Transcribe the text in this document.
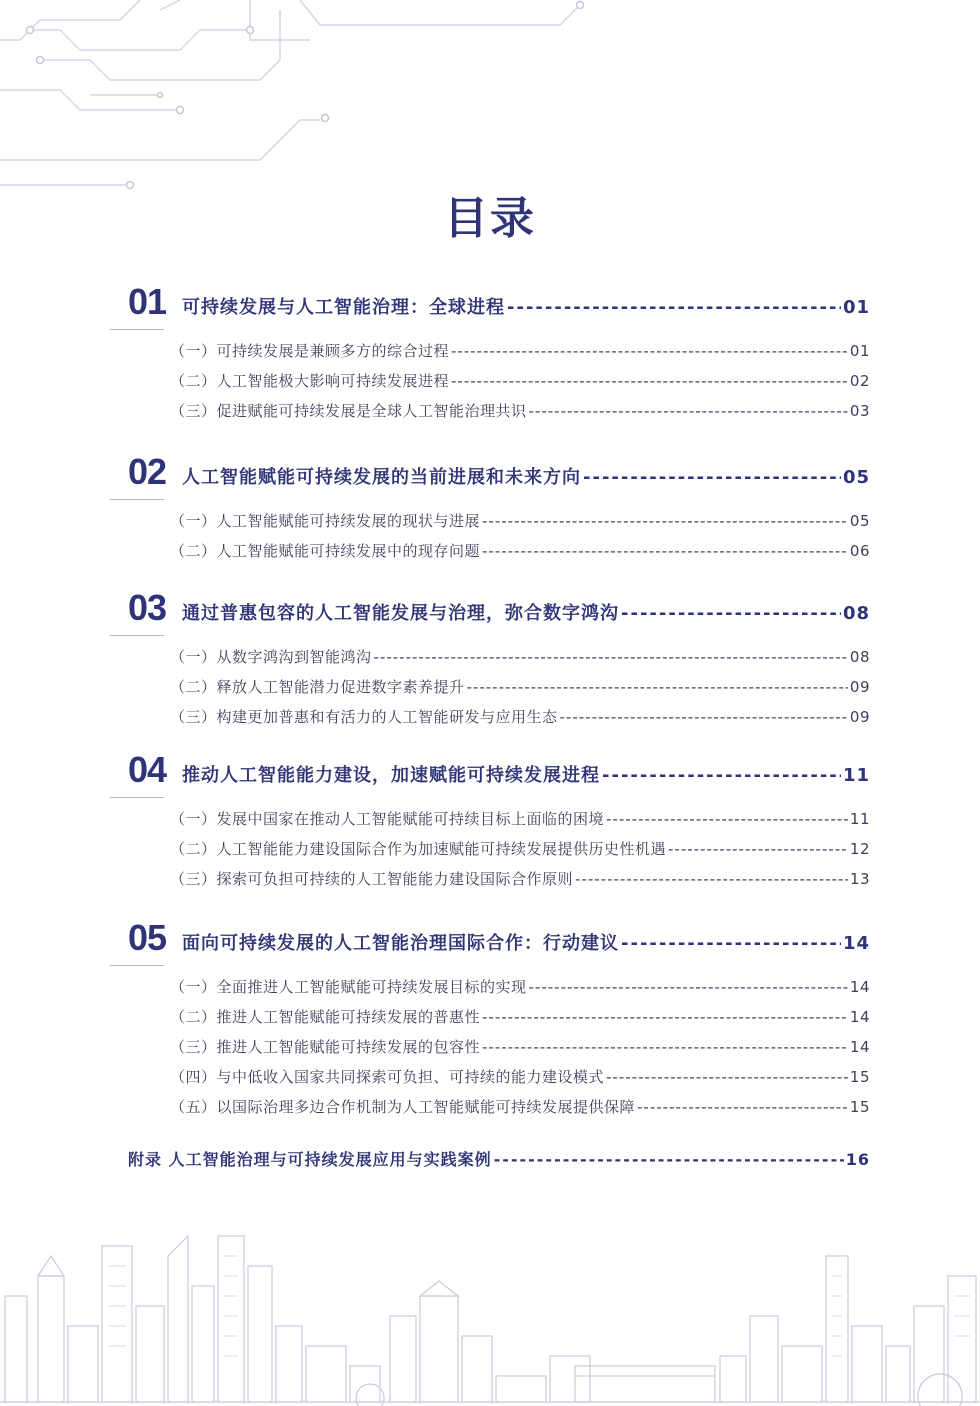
目录
01 可持续发展与人工智能治理：全球进程 -----	01
（一）可持续发展是兼顾多方的综合过程 -----	01
（二）人工智能极大影响可持续发展进程 -----	02
（三）促进赋能可持续发展是全球人工智能治理共识 -----	03
02 人工智能赋能可持续发展的当前进展和未来方向 -----	05
（一）人工智能赋能可持续发展的现状与进展 -----	05
（二）人工智能赋能可持续发展中的现存问题 -----	06
03 通过普惠包容的人工智能发展与治理，弥合数字鸿沟 -----	08
（一）从数字鸿沟到智能鸿沟 -----	08
（二）释放人工智能潜力促进数字素养提升 -----	09
（三）构建更加普惠和有活力的人工智能研发与应用生态 -----	09
04 推动人工智能能力建设，加速赋能可持续发展进程 -----	11
（一）发展中国家在推动人工智能赋能可持续目标上面临的困境 -----	11
（二）人工智能能力建设国际合作为加速赋能可持续发展提供历史性机遇 -----	12
（三）探索可负担可持续的人工智能能力建设国际合作原则 -----	13
05 面向可持续发展的人工智能治理国际合作：行动建议 -----	14
（一）全面推进人工智能赋能可持续发展目标的实现 -----	14
（二）推进人工智能赋能可持续发展的普惠性 -----	14
（三）推进人工智能赋能可持续发展的包容性 -----	14
（四）与中低收入国家共同探索可负担、可持续的能力建设模式 -----	15
（五）以国际治理多边合作机制为人工智能赋能可持续发展提供保障 -----	15
附录 人工智能治理与可持续发展应用与实践案例 -----	16
